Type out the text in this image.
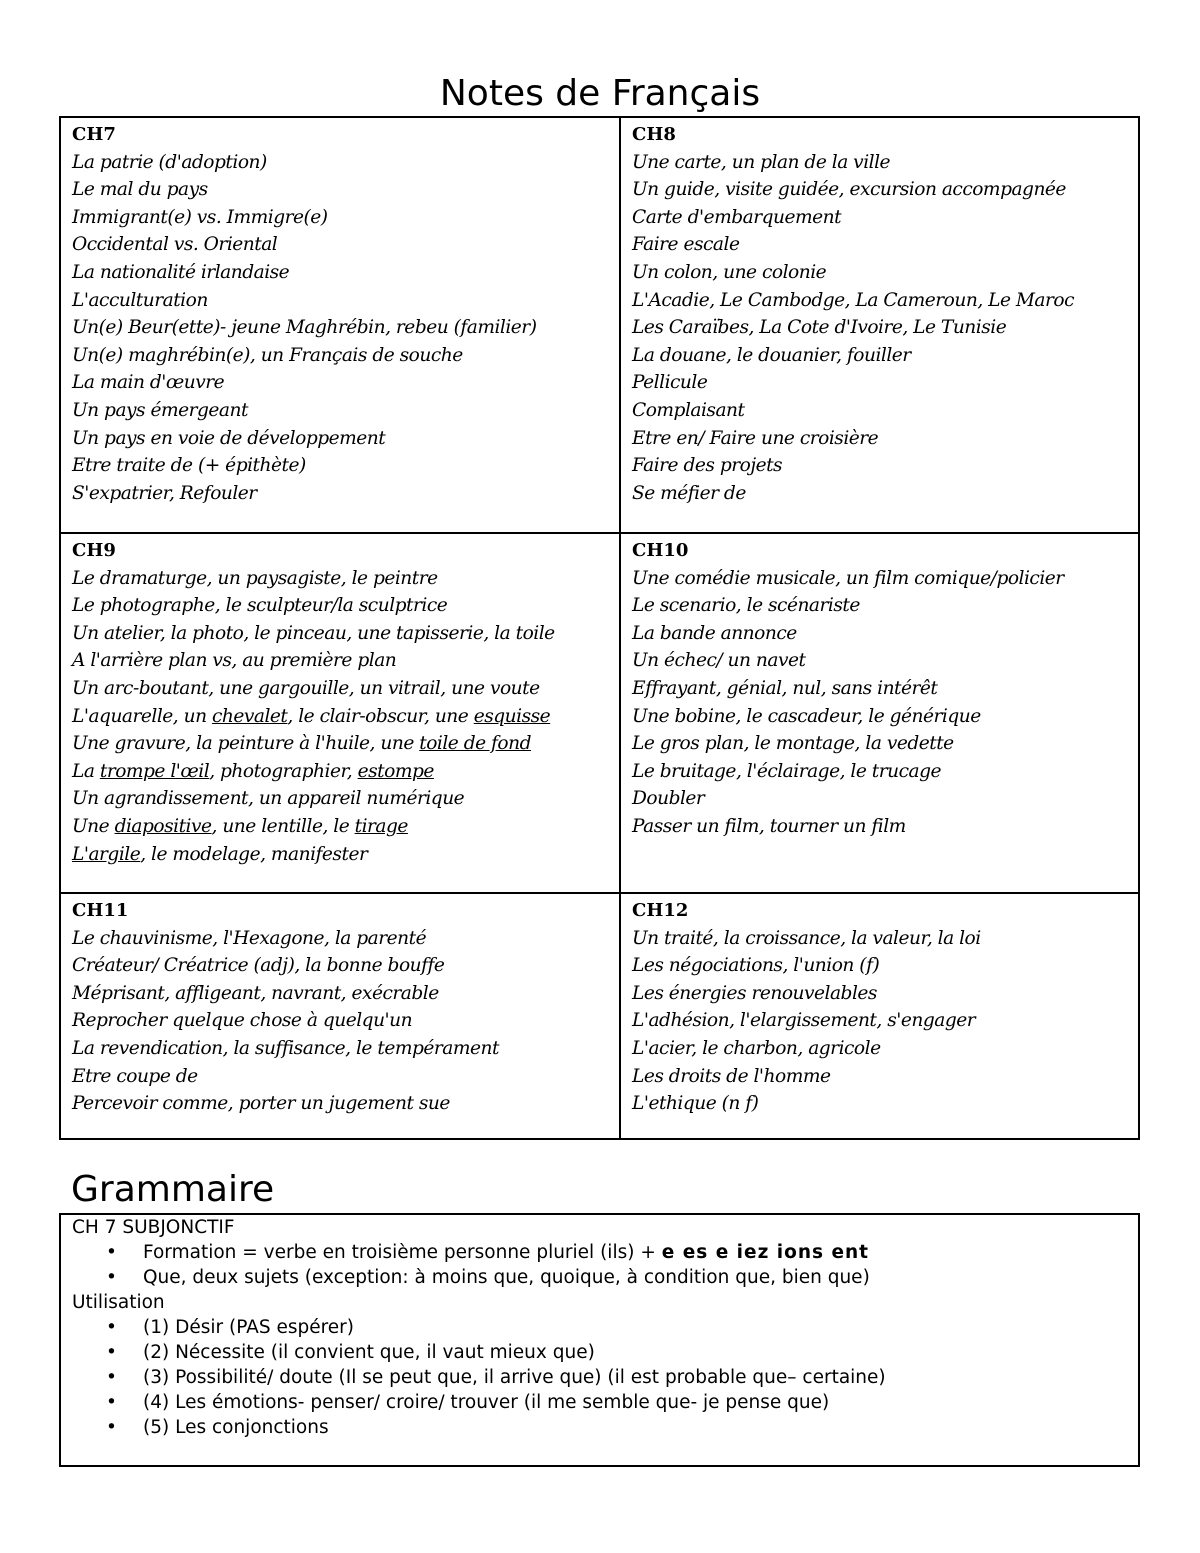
Notes de Français
CH7
La patrie (d'adoption)
Le mal du pays
Immigrant(e) vs. Immigre(e)
Occidental vs. Oriental
La nationalité irlandaise
L'acculturation
Un(e) Beur(ette)- jeune Maghrébin, rebeu (familier)
Un(e) maghrébin(e), un Français de souche
La main d'œuvre
Un pays émergeant
Un pays en voie de développement
Etre traite de (+ épithète)
S'expatrier, Refouler
CH8
Une carte, un plan de la ville
Un guide, visite guidée, excursion accompagnée
Carte d'embarquement
Faire escale
Un colon, une colonie
L'Acadie, Le Cambodge, La Cameroun, Le Maroc
Les Caraïbes, La Cote d'Ivoire, Le Tunisie
La douane, le douanier, fouiller
Pellicule
Complaisant
Etre en/ Faire une croisière
Faire des projets
Se méfier de
CH9
Le dramaturge, un paysagiste, le peintre
Le photographe, le sculpteur/la sculptrice
Un atelier, la photo, le pinceau, une tapisserie, la toile
A l'arrière plan vs, au première plan
Un arc-boutant, une gargouille, un vitrail, une voute
L'aquarelle, un chevalet, le clair-obscur, une esquisse
Une gravure, la peinture à l'huile, une toile de fond
La trompe l'œil, photographier, estompe
Un agrandissement, un appareil numérique
Une diapositive, une lentille, le tirage
L'argile, le modelage, manifester
CH10
Une comédie musicale, un film comique/policier
Le scenario, le scénariste
La bande annonce
Un échec/ un navet
Effrayant, génial, nul, sans intérêt
Une bobine, le cascadeur, le générique
Le gros plan, le montage, la vedette
Le bruitage, l'éclairage, le trucage
Doubler
Passer un film, tourner un film
CH11
Le chauvinisme, l'Hexagone, la parenté
Créateur/ Créatrice (adj), la bonne bouffe
Méprisant, affligeant, navrant, exécrable
Reprocher quelque chose à quelqu'un
La revendication, la suffisance, le tempérament
Etre coupe de
Percevoir comme, porter un jugement sue
CH12
Un traité, la croissance, la valeur, la loi
Les négociations, l'union (f)
Les énergies renouvelables
L'adhésion, l'elargissement, s'engager
L'acier, le charbon, agricole
Les droits de l'homme
L'ethique (n f)
Grammaire
CH 7 SUBJONCTIF
• Formation = verbe en troisième personne pluriel (ils) + e es e iez ions ent
• Que, deux sujets (exception: à moins que, quoique, à condition que, bien que)
Utilisation
• (1) Désir (PAS espérer)
• (2) Nécessite (il convient que, il vaut mieux que)
• (3) Possibilité/ doute (Il se peut que, il arrive que) (il est probable que– certaine)
• (4) Les émotions- penser/ croire/ trouver (il me semble que- je pense que)
• (5) Les conjonctions
